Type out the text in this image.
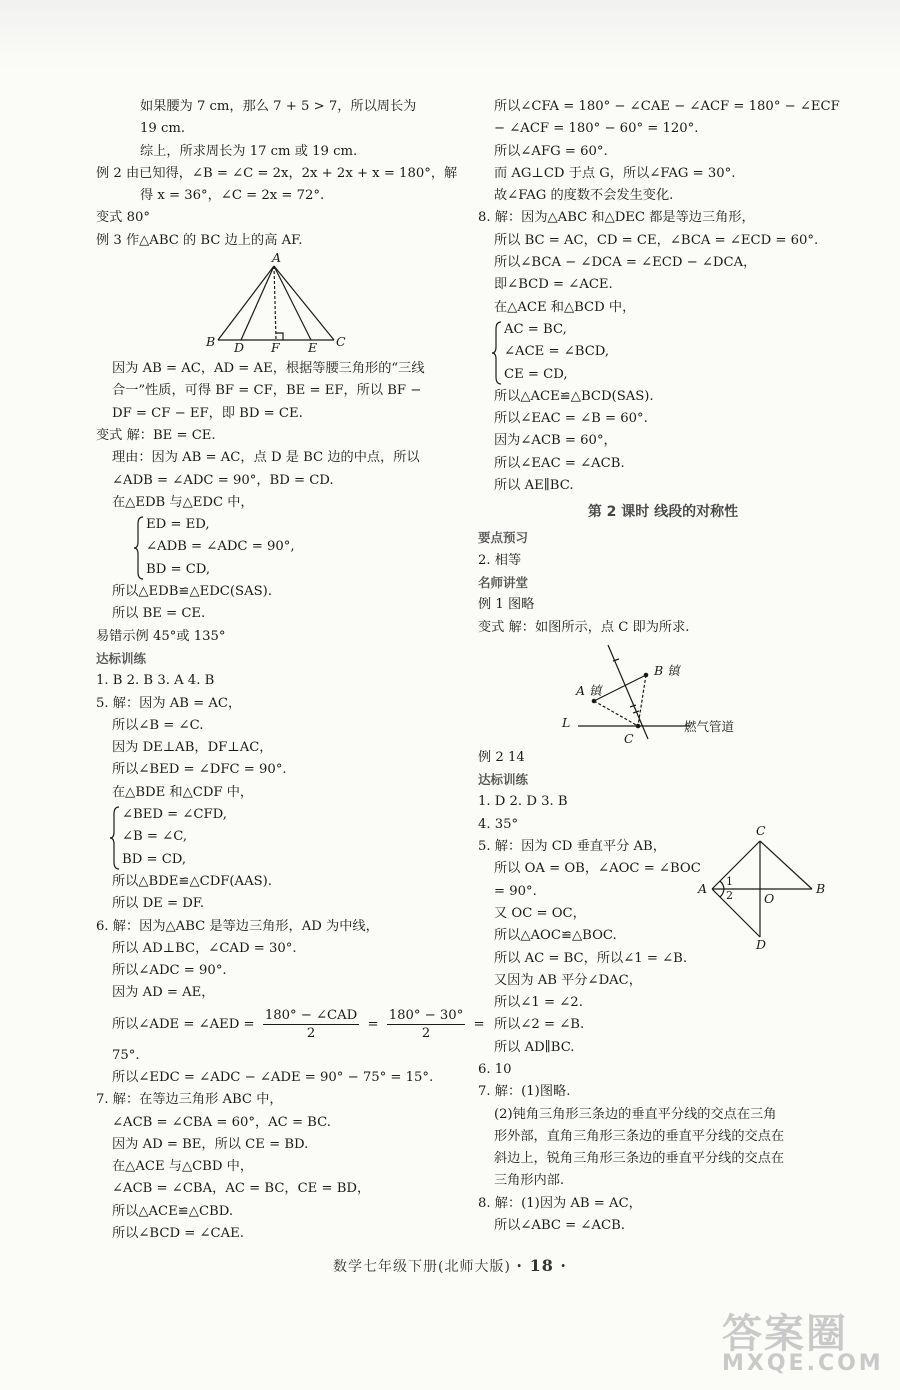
如果腰为 7 cm，那么 7 + 5 > 7，所以周长为
19 cm.
综上，所求周长为 17 cm 或 19 cm.
例 2 由已知得，∠B = ∠C = 2x，2x + 2x + x = 180°，解
得 x = 36°，∠C = 2x = 72°.
变式 80°
例 3 作△ABC 的 BC 边上的高 AF.
A
B	C
D F E
因为 AB = AC，AD = AE，根据等腰三角形的“三线
合一”性质，可得 BF = CF，BE = EF，所以 BF −
DF = CF − EF，即 BD = CE.
变式 解：BE = CE.
理由：因为 AB = AC，点 D 是 BC 边的中点，所以
∠ADB = ∠ADC = 90°，BD = CD.
在△EDB 与△EDC 中，
ED = ED,
∠ADB = ∠ADC = 90°,
BD = CD,
所以△EDB≌△EDC(SAS).
所以 BE = CE.
易错示例 45°或 135°
达标训练
1. B 2. B 3. A 4. B
5. 解：因为 AB = AC，
所以∠B = ∠C.
因为 DE⊥AB，DF⊥AC，
所以∠BED = ∠DFC = 90°.
在△BDE 和△CDF 中，
∠BED = ∠CFD,
∠B = ∠C,
BD = CD,
所以△BDE≌△CDF(AAS).
所以 DE = DF.
6. 解：因为△ABC 是等边三角形，AD 为中线，
所以 AD⊥BC，∠CAD = 30°.
所以∠ADC = 90°.
因为 AD = AE，
所以∠ADE = ∠AED = $\frac{\text{180° − ∠CAD}}{2} = \frac{180^\circ - 30^\circ}{2}$ =
75°.
所以∠EDC = ∠ADC − ∠ADE = 90° − 75° = 15°.
7. 解：在等边三角形 ABC 中，
∠ACB = ∠CBA = 60°，AC = BC.
因为 AD = BE，所以 CE = BD.
在△ACE 与△CBD 中，
∠ACB = ∠CBA，AC = BC，CE = BD，
所以△ACE≌△CBD.
所以∠BCD = ∠CAE.
所以∠CFA = 180° − ∠CAE − ∠ACF = 180° − ∠ECF
− ∠ACF = 180° − 60° = 120°.
所以∠AFG = 60°.
而 AG⊥CD 于点 G，所以∠FAG = 30°.
故∠FAG 的度数不会发生变化.
8. 解：因为△ABC 和△DEC 都是等边三角形，
所以 BC = AC，CD = CE，∠BCA = ∠ECD = 60°.
所以∠BCA − ∠DCA = ∠ECD − ∠DCA，
即∠BCD = ∠ACE.
在△ACE 和△BCD 中，
AC = BC,
∠ACE = ∠BCD,
CE = CD,
所以△ACE≌△BCD(SAS).
所以∠EAC = ∠B = 60°.
因为∠ACB = 60°，
所以∠EAC = ∠ACB.
所以 AE∥BC.
第 2 课时 线段的对称性
要点预习
2. 相等
名师讲堂
例 1 图略
变式 解：如图所示，点 C 即为所求.
B 镇
A 镇
L
C
燃气管道
例 2 14
达标训练
1. D 2. D 3. B
4. 35°
5. 解：因为 CD 垂直平分 AB，
所以 OA = OB，∠AOC = ∠BOC
= 90°.
又 OC = OC，
所以△AOC≌△BOC.
所以 AC = BC，所以∠1 = ∠B.
又因为 AB 平分∠DAC，
所以∠1 = ∠2.
所以∠2 = ∠B.
所以 AD∥BC.
6. 10
7. 解：(1)图略.
(2)钝角三角形三条边的垂直平分线的交点在三角
形外部，直角三角形三条边的垂直平分线的交点在
斜边上，锐角三角形三条边的垂直平分线的交点在
三角形内部.
8. 解：(1)因为 AB = AC，
所以∠ABC = ∠ACB.
C
A	B
O
D
1
2
数学七年级下册(北师大版) · 18 ·
答案圈
MXQE.COM
